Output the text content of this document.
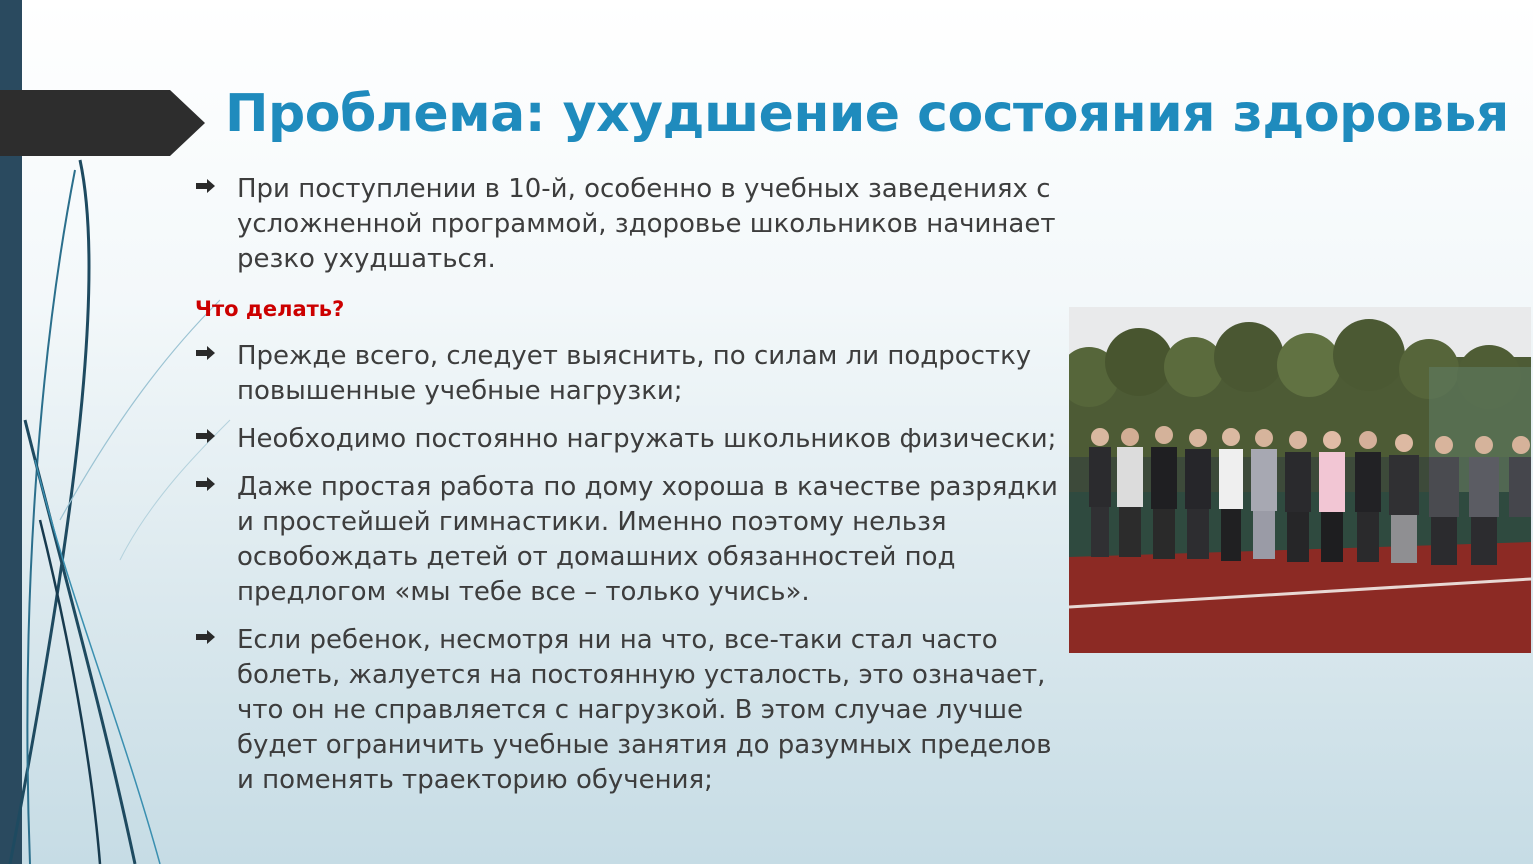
Проблема: ухудшение состояния здоровья
При поступлении в 10-й, особенно в учебных заведениях с усложненной программой, здоровье школьников начинает резко ухудшаться.
Что делать?
Прежде всего, следует выяснить, по силам ли подростку повышенные учебные нагрузки;
Необходимо постоянно нагружать школьников физически;
Даже простая работа по дому хороша в качестве разрядки и простейшей гимнастики. Именно поэтому нельзя освобождать детей от домашних обязанностей под предлогом «мы тебе все – только учись».
Если ребенок, несмотря ни на что, все-таки стал часто болеть, жалуется на постоянную усталость, это означает, что он не справляется с нагрузкой. В этом случае лучше будет ограничить учебные занятия до разумных пределов и поменять траекторию обучения;
